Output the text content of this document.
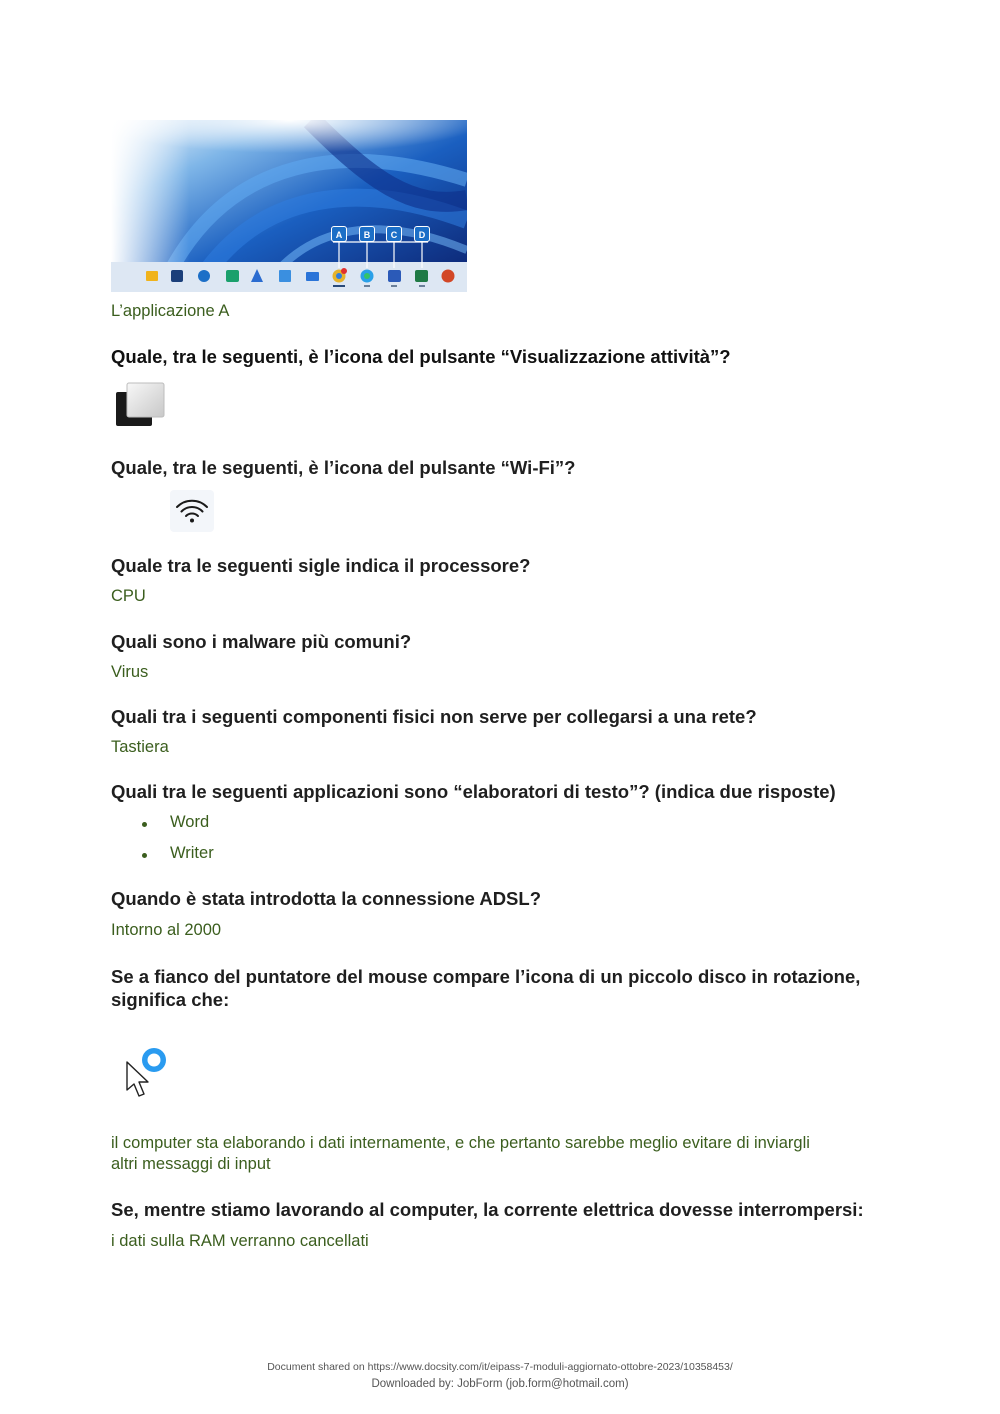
A	B	C	D
L’applicazione A
Quale, tra le seguenti, è l’icona del pulsante “Visualizzazione attività”?
Quale, tra le seguenti, è l’icona del pulsante “Wi-Fi”?
Quale tra le seguenti sigle indica il processore?
CPU
Quali sono i malware più comuni?
Virus
Quali tra i seguenti componenti fisici non serve per collegarsi a una rete?
Tastiera
Quali tra le seguenti applicazioni sono “elaboratori di testo”? (indica due risposte)
Word
Writer
Quando è stata introdotta la connessione ADSL?
Intorno al 2000
Se a fianco del puntatore del mouse compare l’icona di un piccolo disco in rotazione,
significa che:
il computer sta elaborando i dati internamente, e che pertanto sarebbe meglio evitare di inviargli
altri messaggi di input
Se, mentre stiamo lavorando al computer, la corrente elettrica dovesse interrompersi:
i dati sulla RAM verranno cancellati
Document shared on https://www.docsity.com/it/eipass-7-moduli-aggiornato-ottobre-2023/10358453/
Downloaded by: JobForm (job.form@hotmail.com)
